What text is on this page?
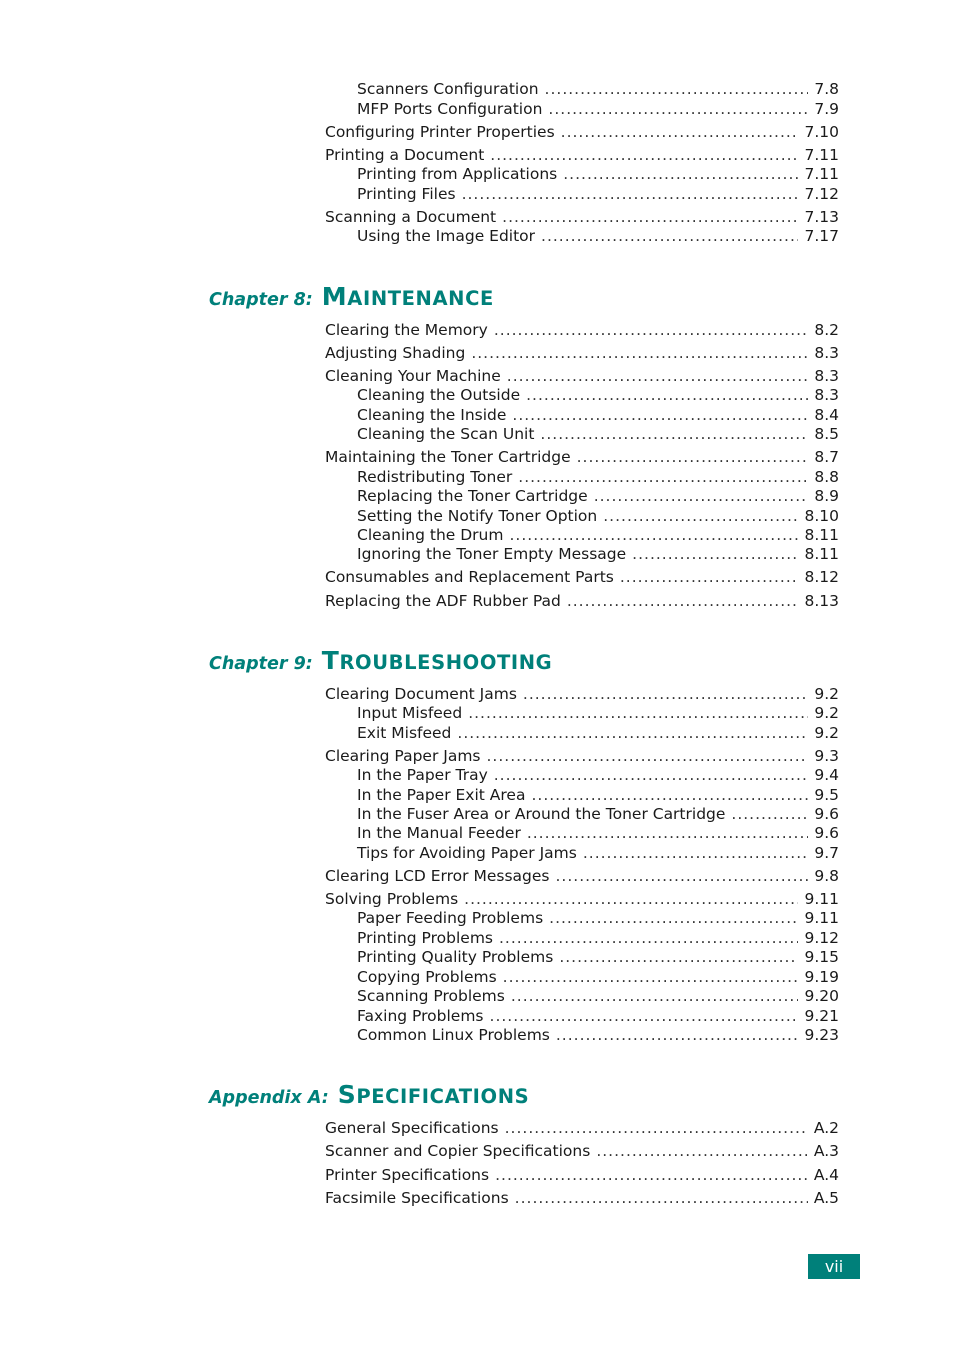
Scanners Configuration .....	7.8
MFP Ports Configuration .....	7.9
Configuring Printer Properties .....	7.10
Printing a Document .....	7.11
Printing from Applications .....	7.11
Printing Files .....	7.12
Scanning a Document .....	7.13
Using the Image Editor .....	7.17
Chapter 8: MAINTENANCE
Clearing the Memory .....	8.2
Adjusting Shading .....	8.3
Cleaning Your Machine .....	8.3
Cleaning the Outside .....	8.3
Cleaning the Inside .....	8.4
Cleaning the Scan Unit .....	8.5
Maintaining the Toner Cartridge .....	8.7
Redistributing Toner .....	8.8
Replacing the Toner Cartridge .....	8.9
Setting the Notify Toner Option .....	8.10
Cleaning the Drum .....	8.11
Ignoring the Toner Empty Message .....	8.11
Consumables and Replacement Parts .....	8.12
Replacing the ADF Rubber Pad .....	8.13
Chapter 9: TROUBLESHOOTING
Clearing Document Jams .....	9.2
Input Misfeed .....	9.2
Exit Misfeed .....	9.2
Clearing Paper Jams .....	9.3
In the Paper Tray .....	9.4
In the Paper Exit Area .....	9.5
In the Fuser Area or Around the Toner Cartridge .....	9.6
In the Manual Feeder .....	9.6
Tips for Avoiding Paper Jams .....	9.7
Clearing LCD Error Messages .....	9.8
Solving Problems .....	9.11
Paper Feeding Problems .....	9.11
Printing Problems .....	9.12
Printing Quality Problems .....	9.15
Copying Problems .....	9.19
Scanning Problems .....	9.20
Faxing Problems .....	9.21
Common Linux Problems .....	9.23
Appendix A: SPECIFICATIONS
General Specifications .....	A.2
Scanner and Copier Specifications .....	A.3
Printer Specifications .....	A.4
Facsimile Specifications .....	A.5
vii
